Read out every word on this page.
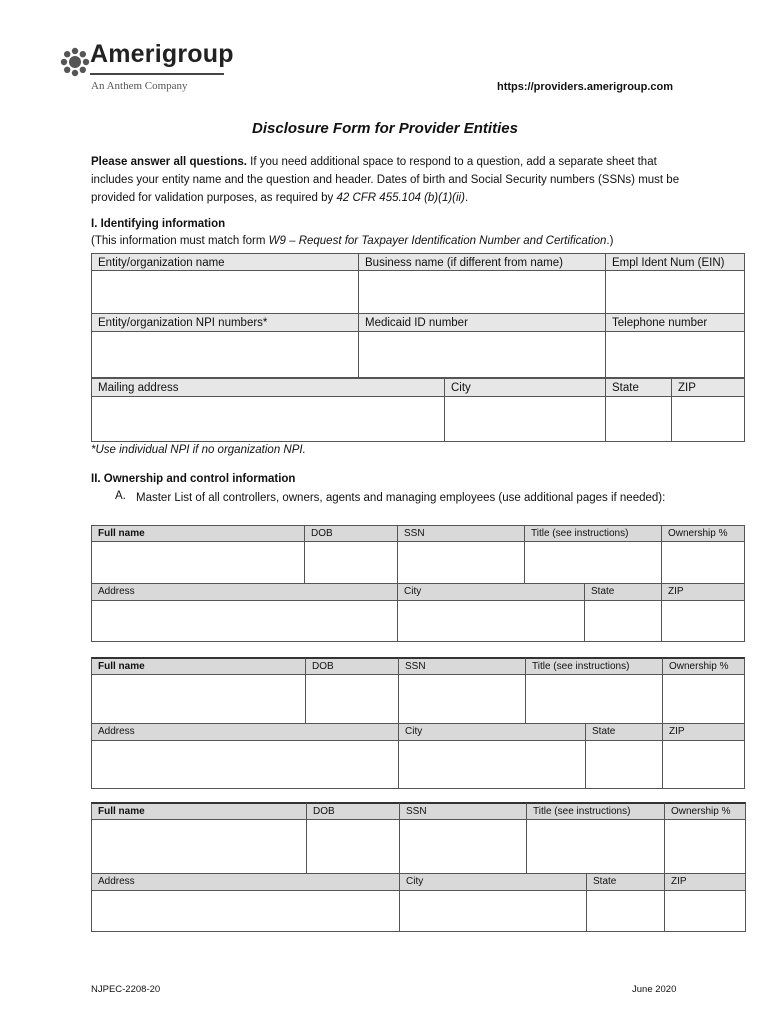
Amerigroup
An Anthem Company	https://providers.amerigroup.com
Disclosure Form for Provider Entities
Please answer all questions. If you need additional space to respond to a question, add a separate sheet that includes your entity name and the question and header. Dates of birth and Social Security numbers (SSNs) must be provided for validation purposes, as required by 42 CFR 455.104 (b)(1)(ii).
I. Identifying information
(This information must match form W9 – Request for Taxpayer Identification Number and Certification.)
Entity/organization name	Business name (if different from name)	Empl Ident Num (EIN)
Entity/organization NPI numbers*	Medicaid ID number	Telephone number
Mailing address	City	State	ZIP
*Use individual NPI if no organization NPI.
II. Ownership and control information
A. Master List of all controllers, owners, agents and managing employees (use additional pages if needed):
Full name	DOB	SSN	Title (see instructions)	Ownership %
Address	City	State	ZIP
Full name	DOB	SSN	Title (see instructions)	Ownership %
Address	City	State	ZIP
Full name	DOB	SSN	Title (see instructions)	Ownership %
Address	City	State	ZIP
NJPEC-2208-20	June 2020
